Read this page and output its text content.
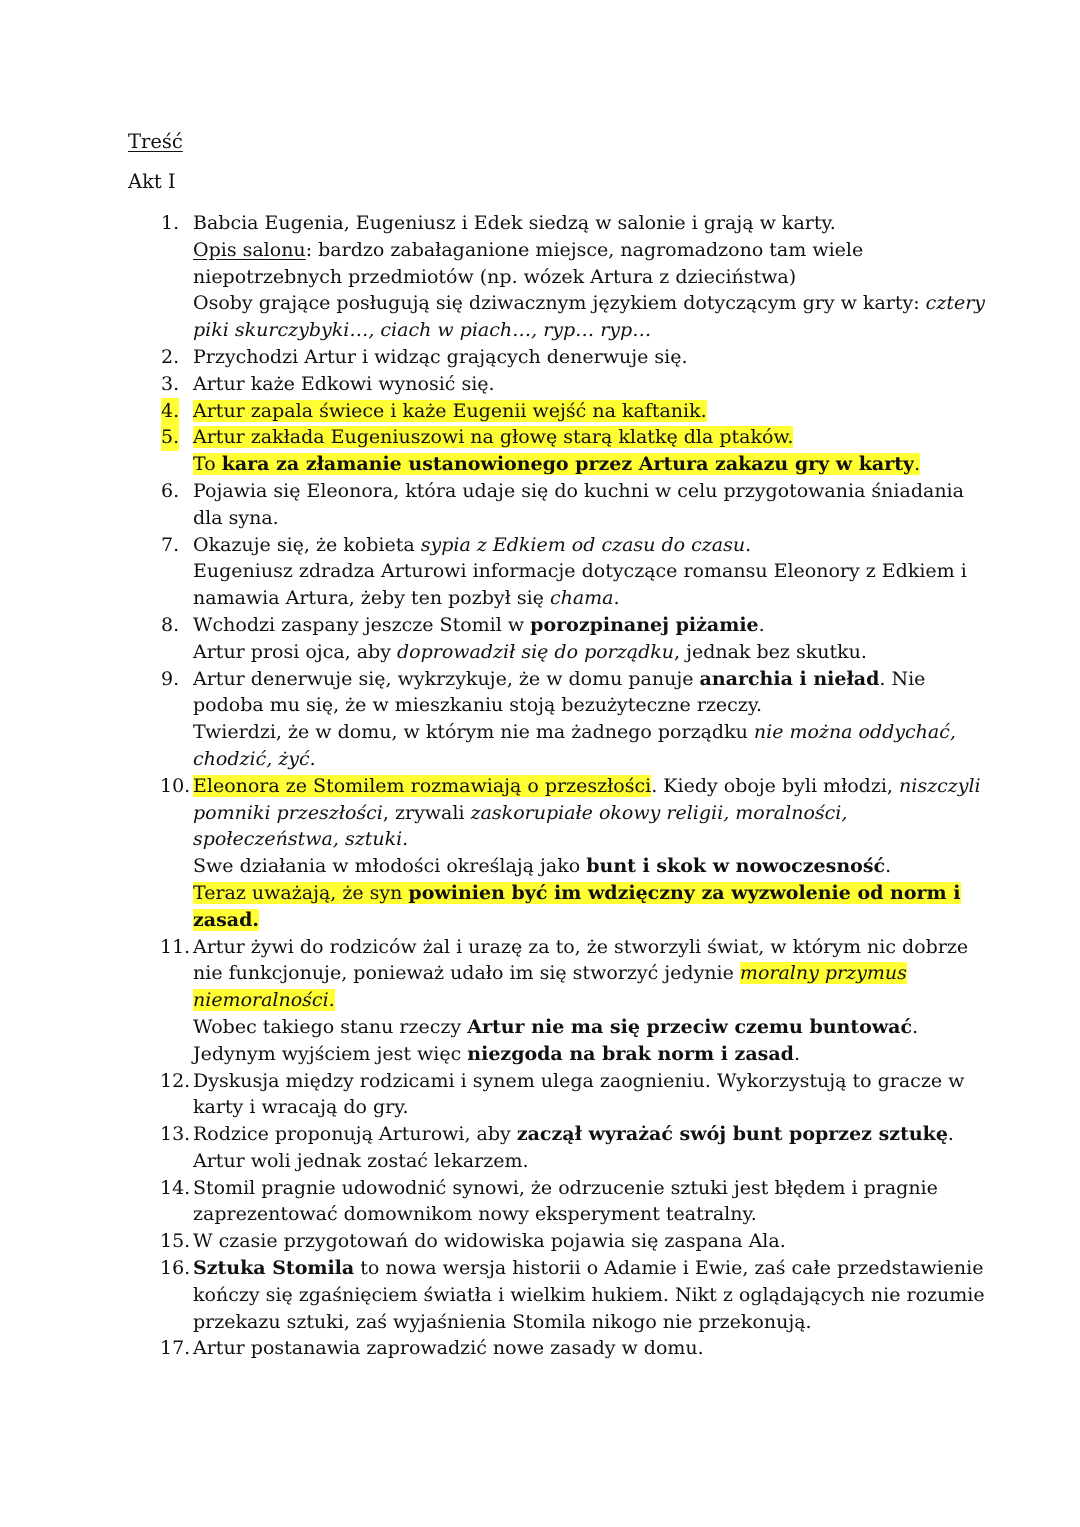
Treść

Akt I

1. Babcia Eugenia, Eugeniusz i Edek siedzą w salonie i grają w karty.
Opis salonu: bardzo zabałaganione miejsce, nagromadzono tam wiele niepotrzebnych przedmiotów (np. wózek Artura z dzieciństwa)
Osoby grające posługują się dziwacznym językiem dotyczącym gry w karty: cztery piki skurczybyki…, ciach w piach…, ryp… ryp…
2. Przychodzi Artur i widząc grających denerwuje się.
3. Artur każe Edkowi wynosić się.
4. Artur zapala świece i każe Eugenii wejść na kaftanik.
5. Artur zakłada Eugeniuszowi na głowę starą klatkę dla ptaków.
To kara za złamanie ustanowionego przez Artura zakazu gry w karty.
6. Pojawia się Eleonora, która udaje się do kuchni w celu przygotowania śniadania dla syna.
7. Okazuje się, że kobieta sypia z Edkiem od czasu do czasu.
Eugeniusz zdradza Arturowi informacje dotyczące romansu Eleonory z Edkiem i namawia Artura, żeby ten pozbył się chama.
8. Wchodzi zaspany jeszcze Stomil w porozpinanej piżamie.
Artur prosi ojca, aby doprowadził się do porządku, jednak bez skutku.
9. Artur denerwuje się, wykrzykuje, że w domu panuje anarchia i nieład. Nie podoba mu się, że w mieszkaniu stoją bezużyteczne rzeczy.
Twierdzi, że w domu, w którym nie ma żadnego porządku nie można oddychać, chodzić, żyć.
10. Eleonora ze Stomilem rozmawiają o przeszłości. Kiedy oboje byli młodzi, niszczyli pomniki przeszłości, zrywali zaskorupiałe okowy religii, moralności, społeczeństwa, sztuki.
Swe działania w młodości określają jako bunt i skok w nowoczesność.
Teraz uważają, że syn powinien być im wdzięczny za wyzwolenie od norm i zasad.
11. Artur żywi do rodziców żal i urazę za to, że stworzyli świat, w którym nic dobrze nie funkcjonuje, ponieważ udało im się stworzyć jedynie moralny przymus niemoralności.
Wobec takiego stanu rzeczy Artur nie ma się przeciw czemu buntować. Jedynym wyjściem jest więc niezgoda na brak norm i zasad.
12. Dyskusja między rodzicami i synem ulega zaognieniu. Wykorzystują to gracze w karty i wracają do gry.
13. Rodzice proponują Arturowi, aby zaczął wyrażać swój bunt poprzez sztukę. Artur woli jednak zostać lekarzem.
14. Stomil pragnie udowodnić synowi, że odrzucenie sztuki jest błędem i pragnie zaprezentować domownikom nowy eksperyment teatralny.
15. W czasie przygotowań do widowiska pojawia się zaspana Ala.
16. Sztuka Stomila to nowa wersja historii o Adamie i Ewie, zaś całe przedstawienie kończy się zgaśnięciem światła i wielkim hukiem. Nikt z oglądających nie rozumie przekazu sztuki, zaś wyjaśnienia Stomila nikogo nie przekonują.
17. Artur postanawia zaprowadzić nowe zasady w domu.
